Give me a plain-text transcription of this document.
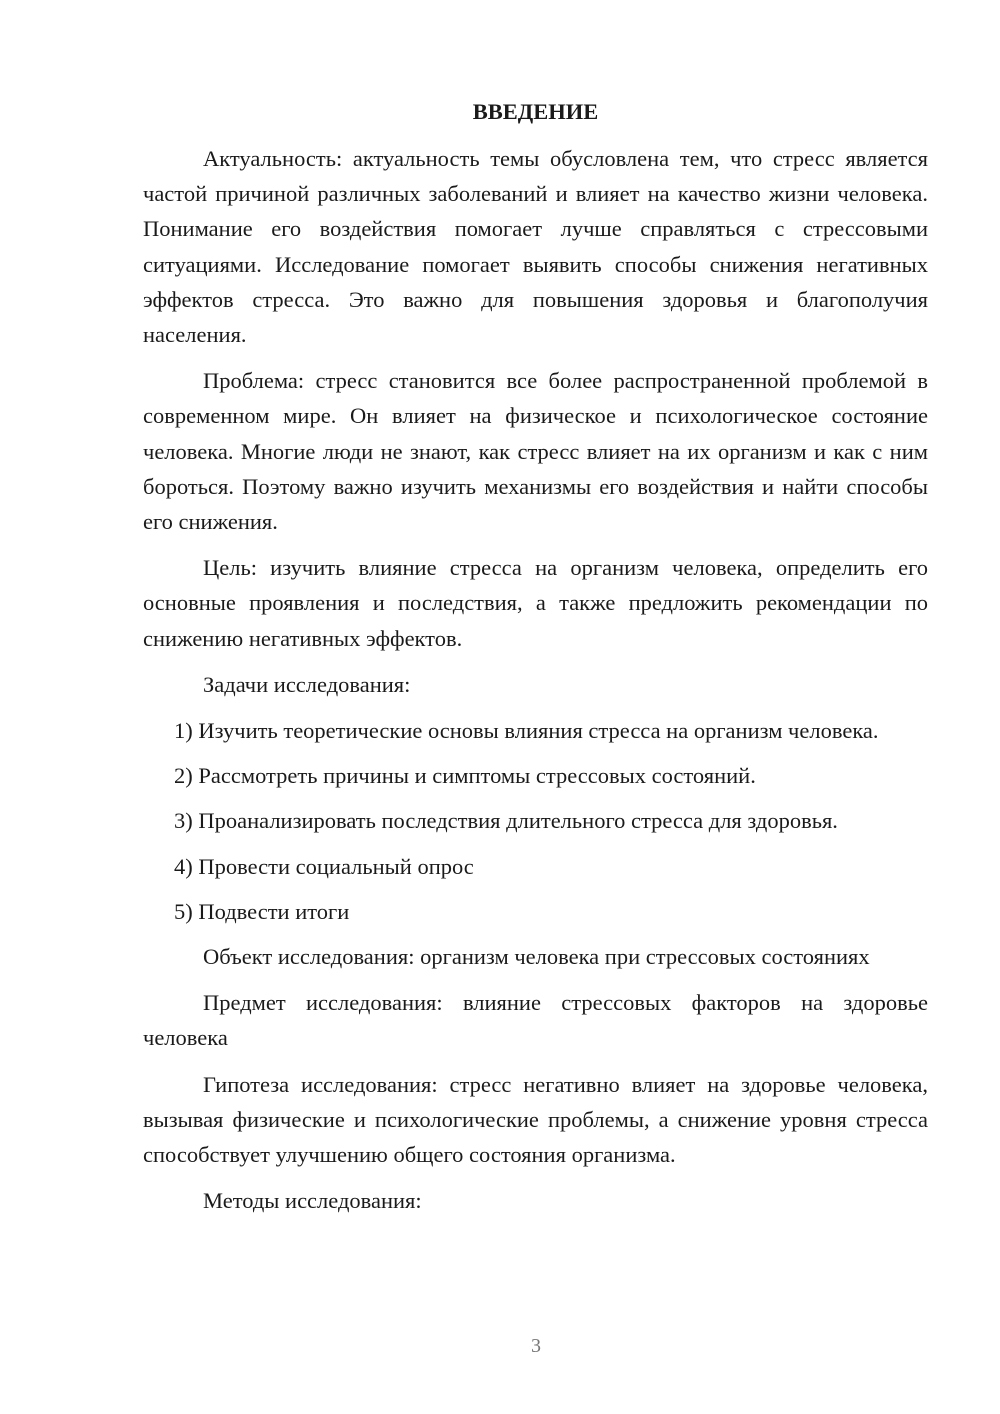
ВВЕДЕНИЕ

Актуальность: актуальность темы обусловлена тем, что стресс является частой причиной различных заболеваний и влияет на качество жизни человека. Понимание его воздействия помогает лучше справляться с стрессовыми ситуациями. Исследование помогает выявить способы снижения негативных эффектов стресса. Это важно для повышения здоровья и благополучия населения.

Проблема: стресс становится все более распространенной проблемой в современном мире. Он влияет на физическое и психологическое состояние человека. Многие люди не знают, как стресс влияет на их организм и как с ним бороться. Поэтому важно изучить механизмы его воздействия и найти способы его снижения.

Цель: изучить влияние стресса на организм человека, определить его основные проявления и последствия, а также предложить рекомендации по снижению негативных эффектов.

Задачи исследования:

1) Изучить теоретические основы влияния стресса на организм человека.

2) Рассмотреть причины и симптомы стрессовых состояний.

3) Проанализировать последствия длительного стресса для здоровья.

4) Провести социальный опрос

5) Подвести итоги

Объект исследования: организм человека при стрессовых состояниях

Предмет исследования: влияние стрессовых факторов на здоровье человека

Гипотеза исследования: стресс негативно влияет на здоровье человека, вызывая физические и психологические проблемы, а снижение уровня стресса способствует улучшению общего состояния организма.

Методы исследования:

3
